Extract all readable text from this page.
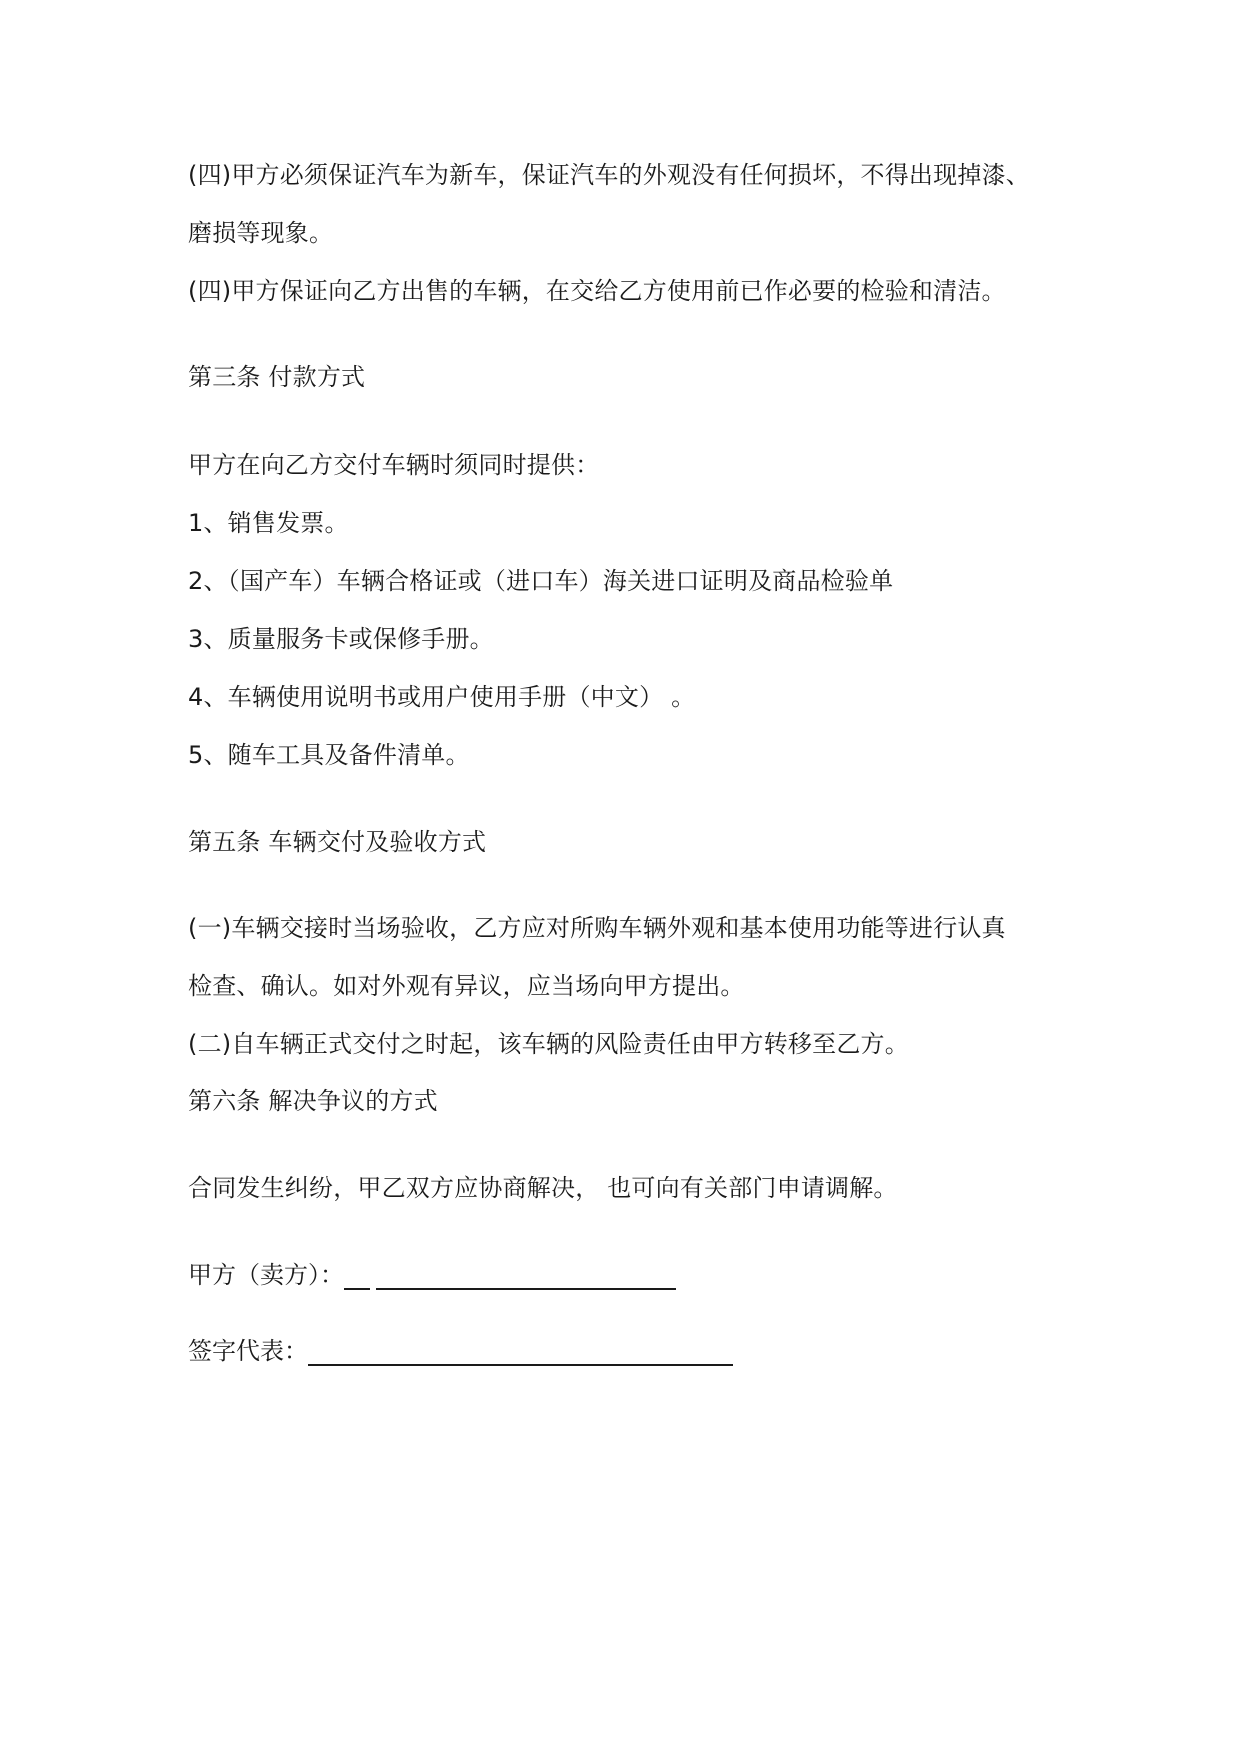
(四)甲方必须保证汽车为新车，保证汽车的外观没有任何损坏，不得出现掉漆、
磨损等现象。
(四)甲方保证向乙方出售的车辆，在交给乙方使用前已作必要的检验和清洁。
第三条 付款方式
甲方在向乙方交付车辆时须同时提供：
1、销售发票。
2、（国产车）车辆合格证或（进口车）海关进口证明及商品检验单
3、质量服务卡或保修手册。
4、车辆使用说明书或用户使用手册（中文） 。
5、随车工具及备件清单。
第五条 车辆交付及验收方式
(一)车辆交接时当场验收，乙方应对所购车辆外观和基本使用功能等进行认真
检查、确认。如对外观有异议，应当场向甲方提出。
(二)自车辆正式交付之时起，该车辆的风险责任由甲方转移至乙方。
第六条 解决争议的方式
合同发生纠纷，甲乙双方应协商解决， 也可向有关部门申请调解。
甲方（卖方）：
签字代表：
